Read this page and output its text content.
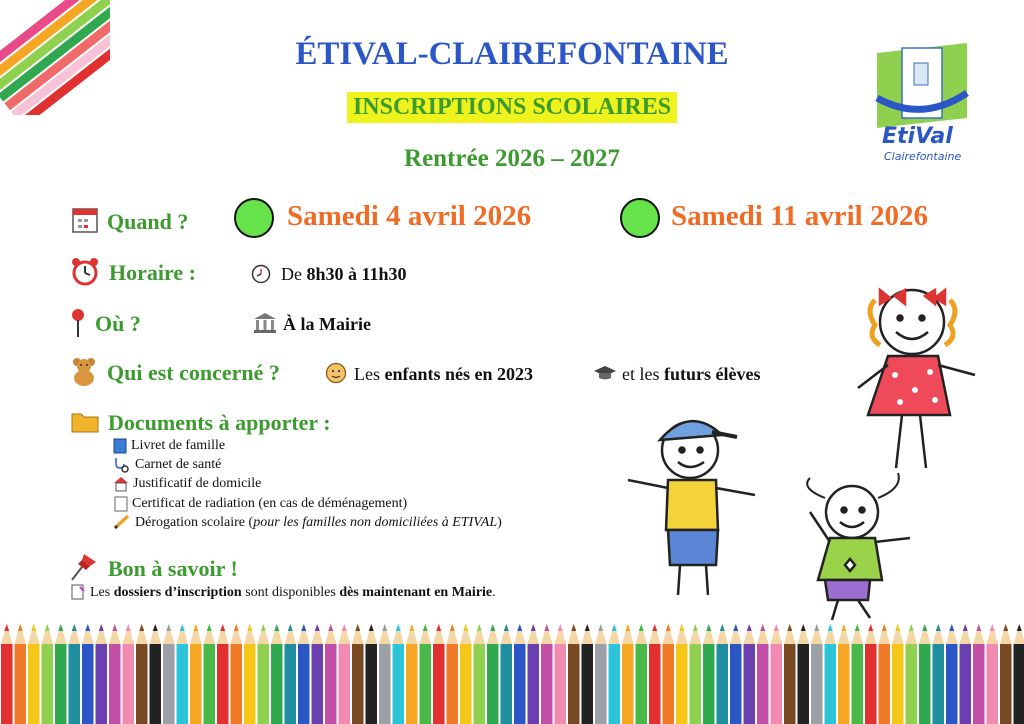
EtiVal
Clairefontaine
ÉTIVAL-CLAIREFONTAINE
INSCRIPTIONS SCOLAIRES
Rentrée 2026 – 2027
Quand ?	Samedi 4 avril 2026	Samedi 11 avril 2026
Horaire :	De 8h30 à 11h30
Où ?	À la Mairie
Qui est concerné ?	Les enfants nés en 2023	et les futurs élèves
Documents à apporter :
Livret de famille
Carnet de santé
Justificatif de domicile
Certificat de radiation (en cas de déménagement)
Dérogation scolaire (pour les familles non domiciliées à ETIVAL)
Bon à savoir !
Les dossiers d’inscription sont disponibles dès maintenant en Mairie.
